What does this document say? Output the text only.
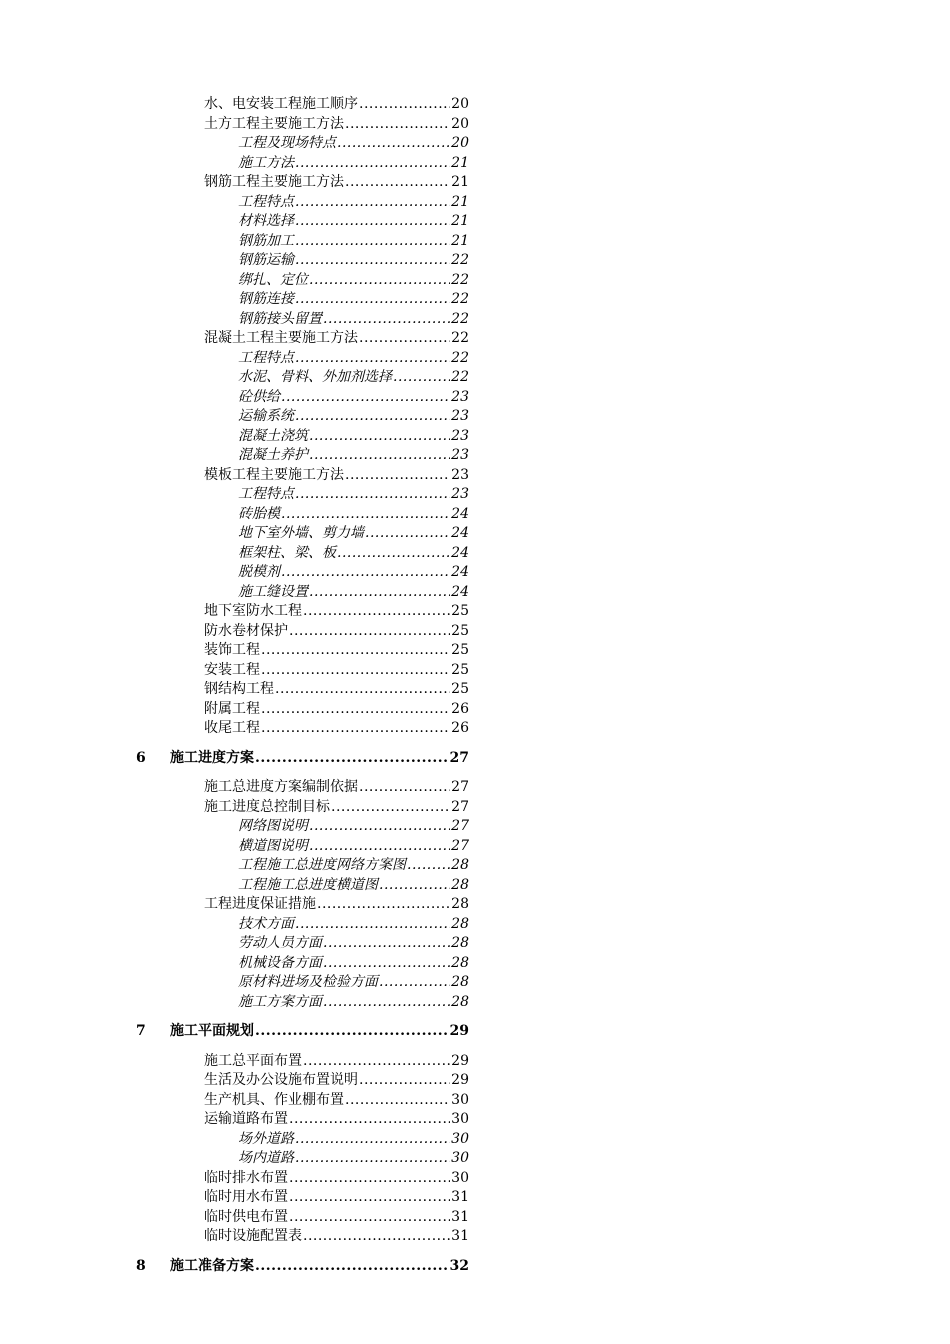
水、电安装工程施工顺序 .....	20
土方工程主要施工方法 .....	20
工程及现场特点 .....	20
施工方法 .....	21
钢筋工程主要施工方法 .....	21
工程特点 .....	21
材料选择 .....	21
钢筋加工 .....	21
钢筋运输 .....	22
绑扎、定位 .....	22
钢筋连接 .....	22
钢筋接头留置 .....	22
混凝土工程主要施工方法 .....	22
工程特点 .....	22
水泥、骨料、外加剂选择 .....	22
砼供给 .....	23
运输系统 .....	23
混凝土浇筑 .....	23
混凝土养护 .....	23
模板工程主要施工方法 .....	23
工程特点 .....	23
砖胎模 .....	24
地下室外墙、剪力墙 .....	24
框架柱、梁、板 .....	24
脱模剂 .....	24
施工缝设置 .....	24
地下室防水工程 .....	25
防水卷材保护 .....	25
装饰工程 .....	25
安装工程 .....	25
钢结构工程 .....	25
附属工程 .....	26
收尾工程 .....	26
6 施工进度方案 .....	27
施工总进度方案编制依据 .....	27
施工进度总控制目标 .....	27
网络图说明 .....	27
横道图说明 .....	27
工程施工总进度网络方案图 .....	28
工程施工总进度横道图 .....	28
工程进度保证措施 .....	28
技术方面 .....	28
劳动人员方面 .....	28
机械设备方面 .....	28
原材料进场及检验方面 .....	28
施工方案方面 .....	28
7 施工平面规划 .....	29
施工总平面布置 .....	29
生活及办公设施布置说明 .....	29
生产机具、作业棚布置 .....	30
运输道路布置 .....	30
场外道路 .....	30
场内道路 .....	30
临时排水布置 .....	30
临时用水布置 .....	31
临时供电布置 .....	31
临时设施配置表 .....	31
8 施工准备方案 .....	32
